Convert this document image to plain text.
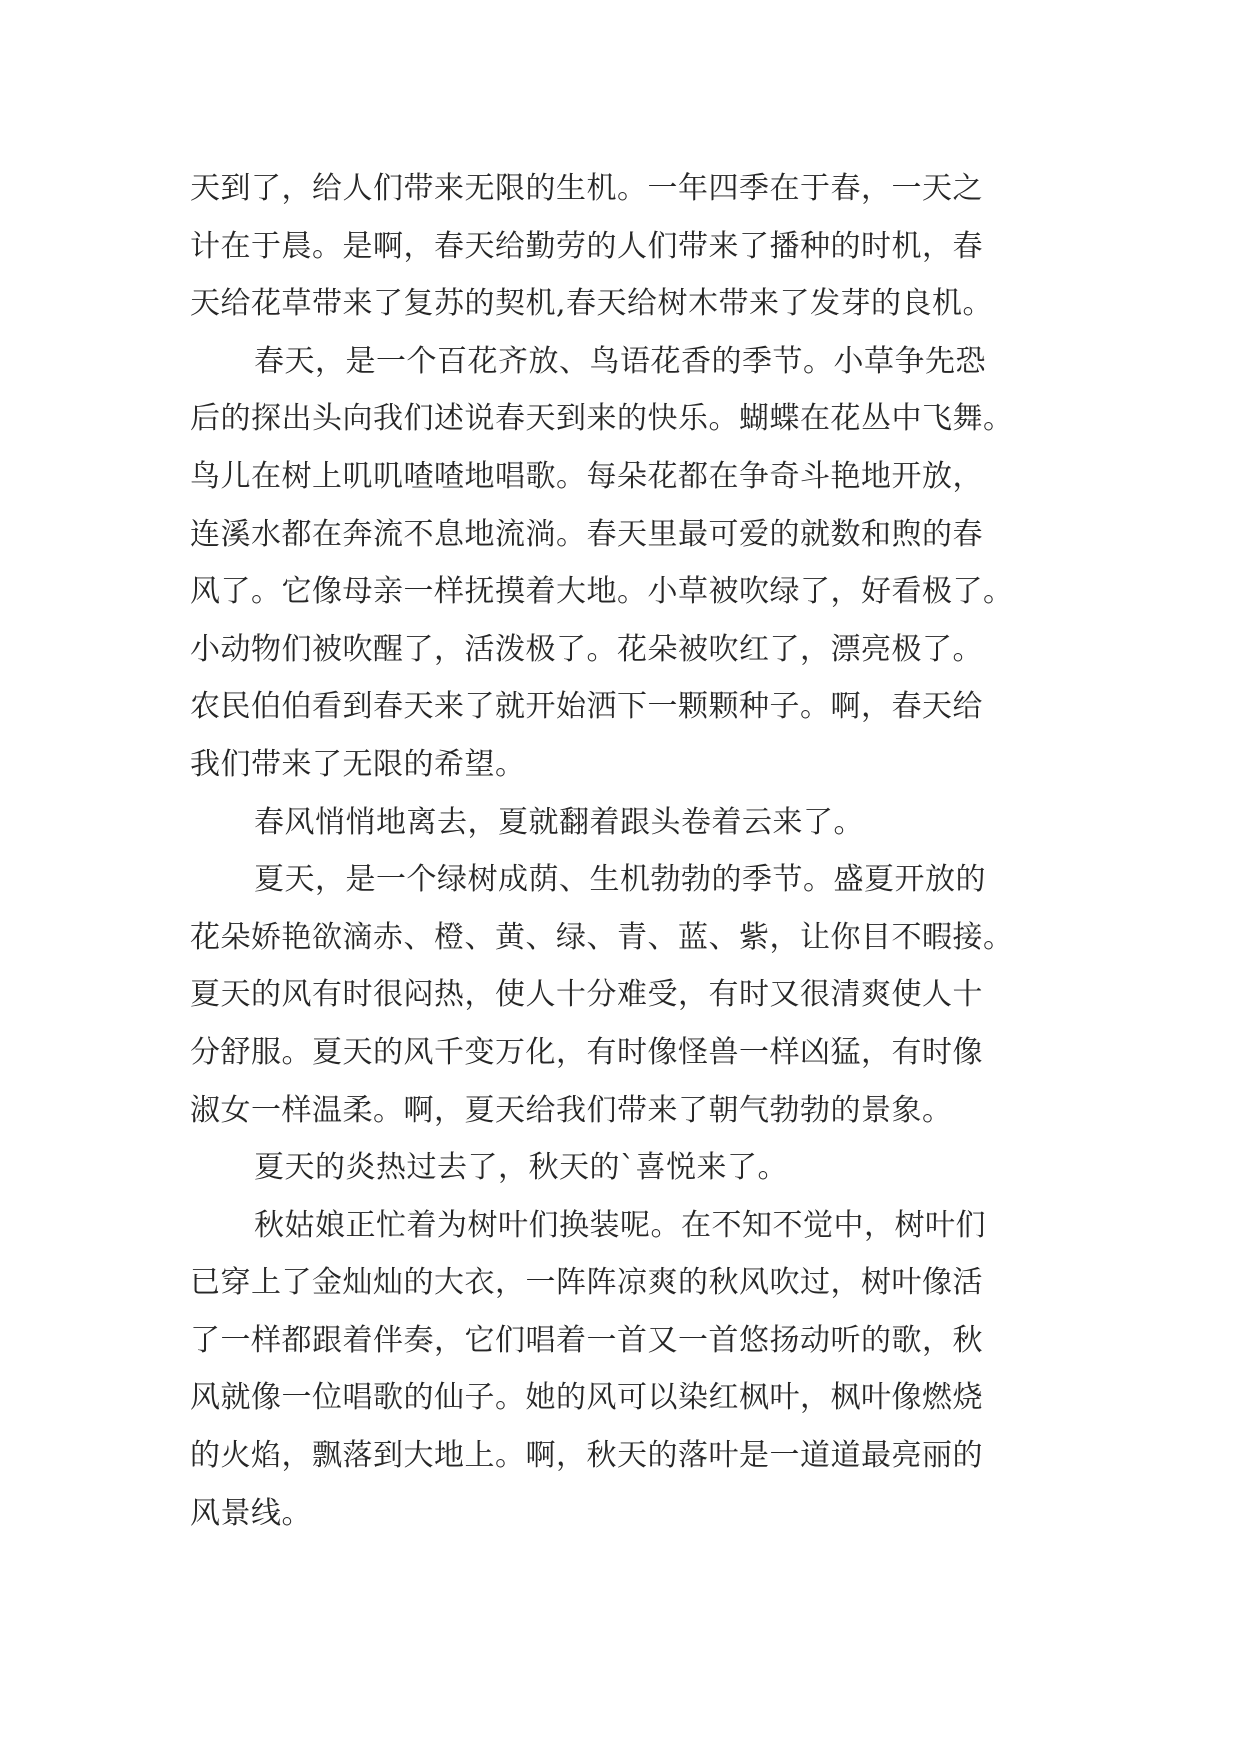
天到了，给人们带来无限的生机。一年四季在于春，一天之
计在于晨。是啊，春天给勤劳的人们带来了播种的时机，春
天给花草带来了复苏的契机,春天给树木带来了发芽的良机。
春天，是一个百花齐放、鸟语花香的季节。小草争先恐
后的探出头向我们述说春天到来的快乐。蝴蝶在花丛中飞舞。
鸟儿在树上叽叽喳喳地唱歌。每朵花都在争奇斗艳地开放，
连溪水都在奔流不息地流淌。春天里最可爱的就数和煦的春
风了。它像母亲一样抚摸着大地。小草被吹绿了，好看极了。
小动物们被吹醒了，活泼极了。花朵被吹红了，漂亮极了。
农民伯伯看到春天来了就开始洒下一颗颗种子。啊，春天给
我们带来了无限的希望。
春风悄悄地离去，夏就翻着跟头卷着云来了。
夏天，是一个绿树成荫、生机勃勃的季节。盛夏开放的
花朵娇艳欲滴赤、橙、黄、绿、青、蓝、紫，让你目不暇接。
夏天的风有时很闷热，使人十分难受，有时又很清爽使人十
分舒服。夏天的风千变万化，有时像怪兽一样凶猛，有时像
淑女一样温柔。啊，夏天给我们带来了朝气勃勃的景象。
夏天的炎热过去了，秋天的`喜悦来了。
秋姑娘正忙着为树叶们换装呢。在不知不觉中，树叶们
已穿上了金灿灿的大衣，一阵阵凉爽的秋风吹过，树叶像活
了一样都跟着伴奏，它们唱着一首又一首悠扬动听的歌，秋
风就像一位唱歌的仙子。她的风可以染红枫叶，枫叶像燃烧
的火焰，飘落到大地上。啊，秋天的落叶是一道道最亮丽的
风景线。
